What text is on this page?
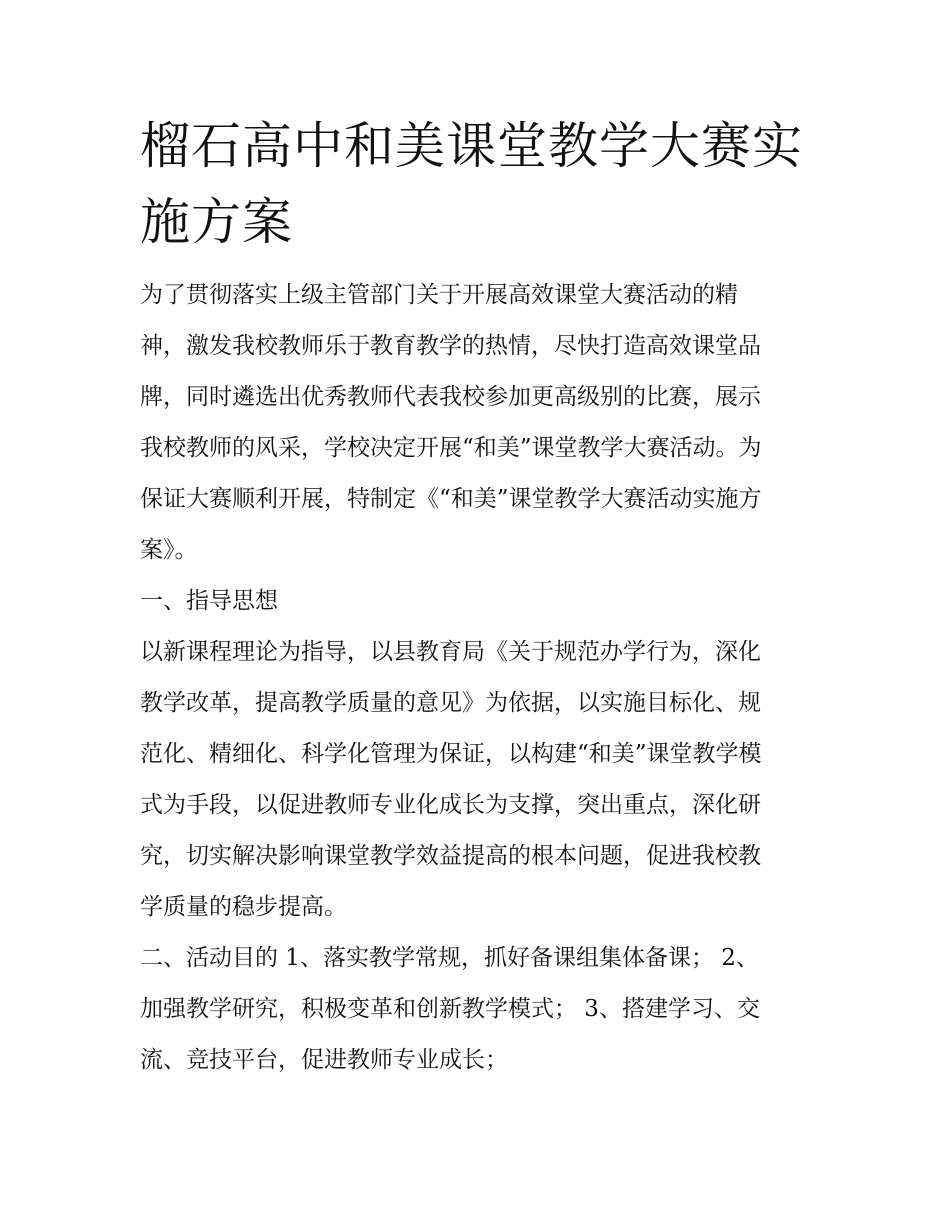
榴石高中和美课堂教学大赛实
施方案

为了贯彻落实上级主管部门关于开展高效课堂大赛活动的精
神，激发我校教师乐于教育教学的热情，尽快打造高效课堂品
牌，同时遴选出优秀教师代表我校参加更高级别的比赛，展示
我校教师的风采，学校决定开展“和美”课堂教学大赛活动。为
保证大赛顺利开展，特制定《“和美”课堂教学大赛活动实施方
案》。

一、指导思想

以新课程理论为指导，以县教育局《关于规范办学行为，深化
教学改革，提高教学质量的意见》为依据，以实施目标化、规
范化、精细化、科学化管理为保证，以构建“和美”课堂教学模
式为手段，以促进教师专业化成长为支撑，突出重点，深化研
究，切实解决影响课堂教学效益提高的根本问题，促进我校教
学质量的稳步提高。

二、活动目的 1、落实教学常规，抓好备课组集体备课； 2、
加强教学研究，积极变革和创新教学模式； 3、搭建学习、交
流、竞技平台，促进教师专业成长；
